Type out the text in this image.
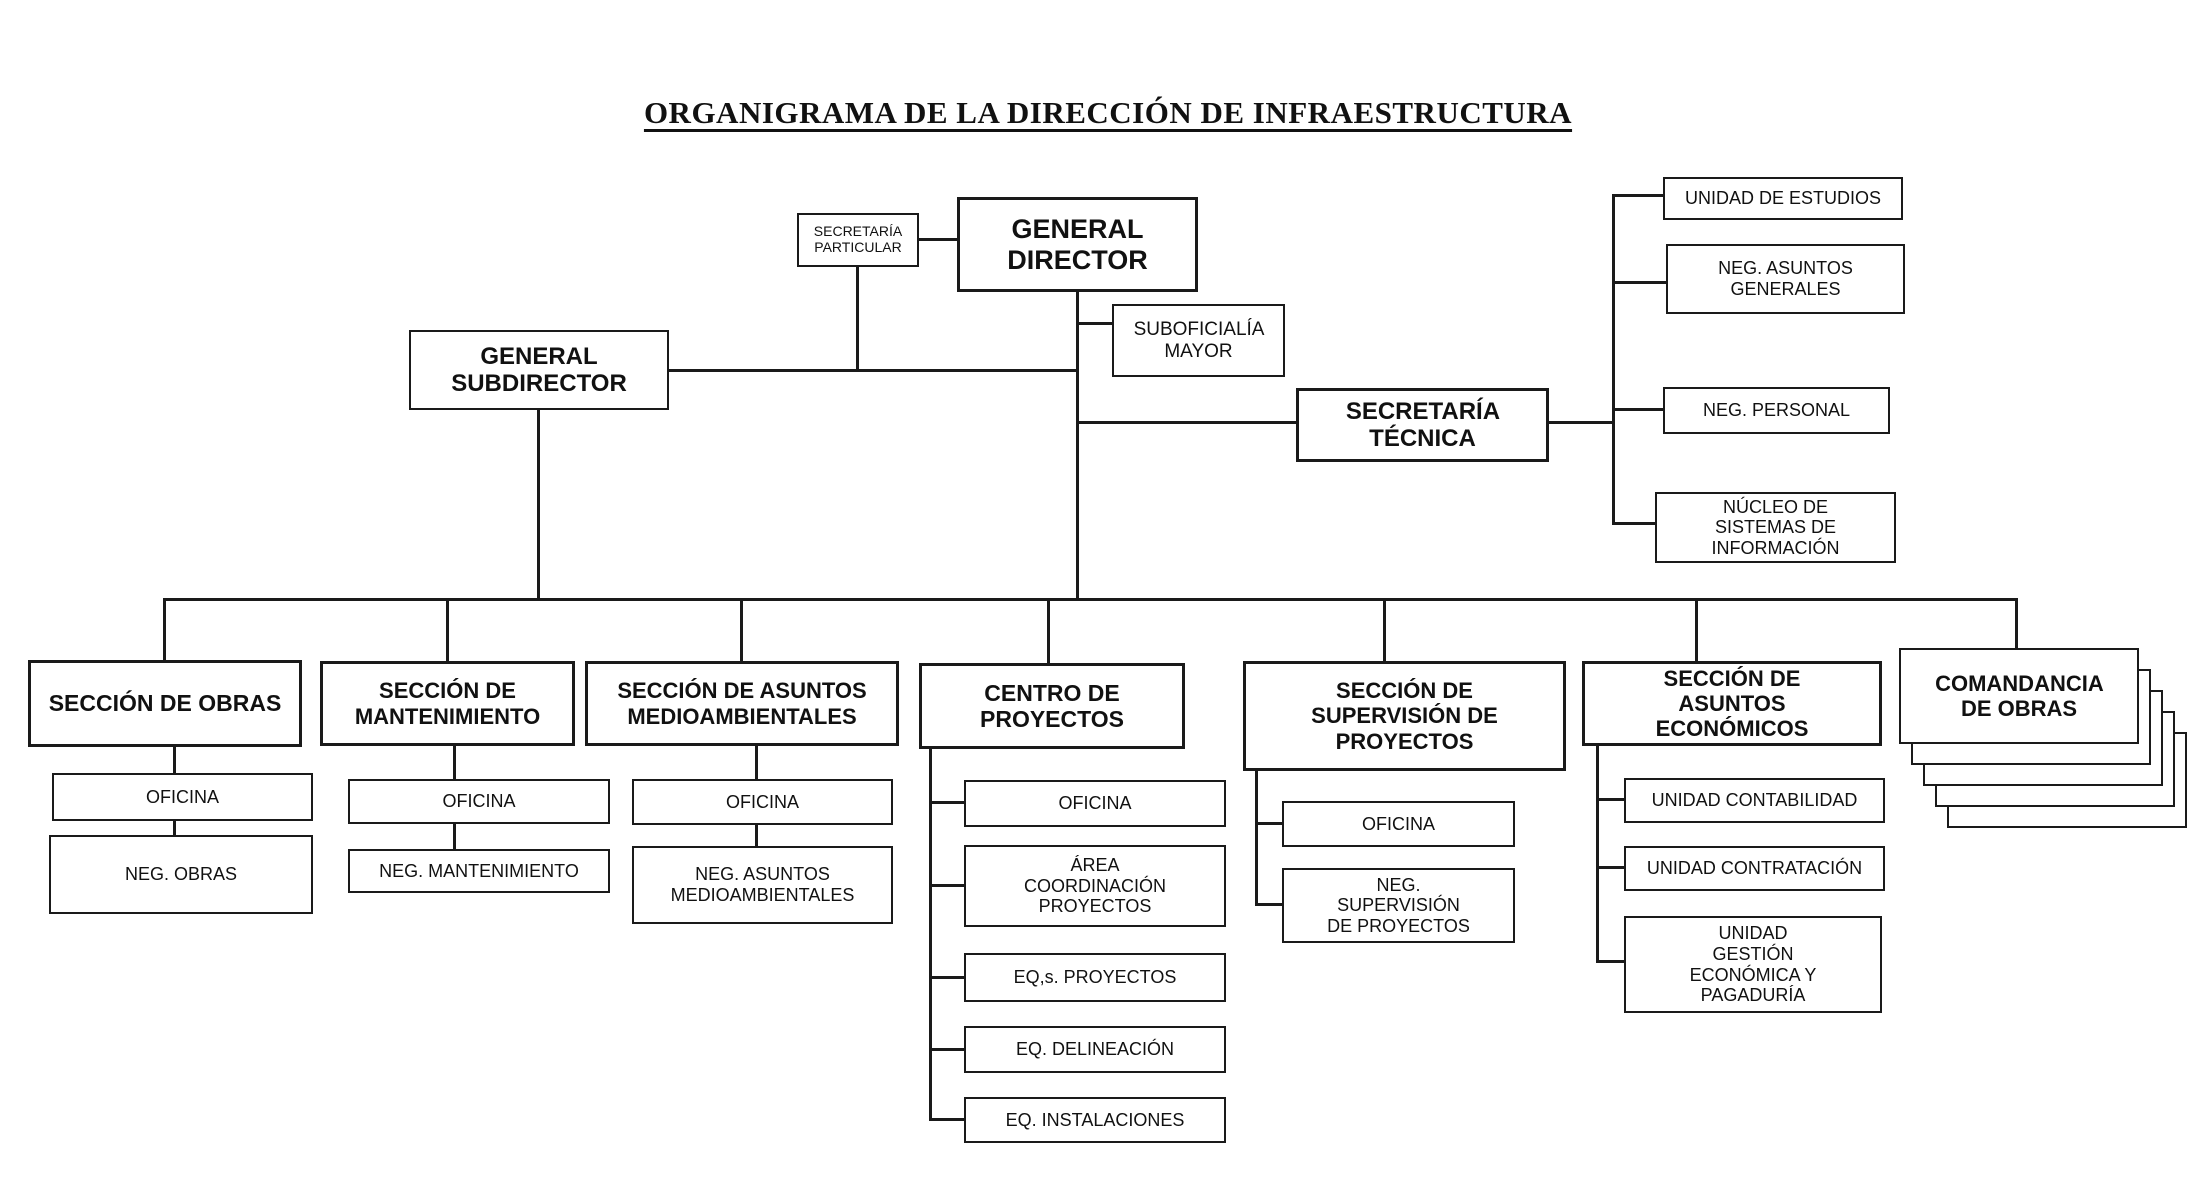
ORGANIGRAMA DE LA DIRECCIÓN DE INFRAESTRUCTURA
SECRETARÍA PARTICULAR
GENERAL DIRECTOR
SUBOFICIALÍA MAYOR
SECRETARÍA TÉCNICA
UNIDAD DE ESTUDIOS
NEG. ASUNTOS GENERALES
NEG. PERSONAL
NÚCLEO DE SISTEMAS DE INFORMACIÓN
GENERAL SUBDIRECTOR
SECCIÓN DE OBRAS
OFICINA
NEG. OBRAS
SECCIÓN DE MANTENIMIENTO
OFICINA
NEG. MANTENIMIENTO
SECCIÓN DE ASUNTOS MEDIOAMBIENTALES
OFICINA
NEG. ASUNTOS MEDIOAMBIENTALES
CENTRO DE PROYECTOS
OFICINA
ÁREA COORDINACIÓN PROYECTOS
EQ,s. PROYECTOS
EQ. DELINEACIÓN
EQ. INSTALACIONES
SECCIÓN DE SUPERVISIÓN DE PROYECTOS
OFICINA
NEG. SUPERVISIÓN DE PROYECTOS
SECCIÓN DE ASUNTOS ECONÓMICOS
UNIDAD CONTABILIDAD
UNIDAD CONTRATACIÓN
UNIDAD GESTIÓN ECONÓMICA Y PAGADURÍA
COMANDANCIA DE OBRAS
